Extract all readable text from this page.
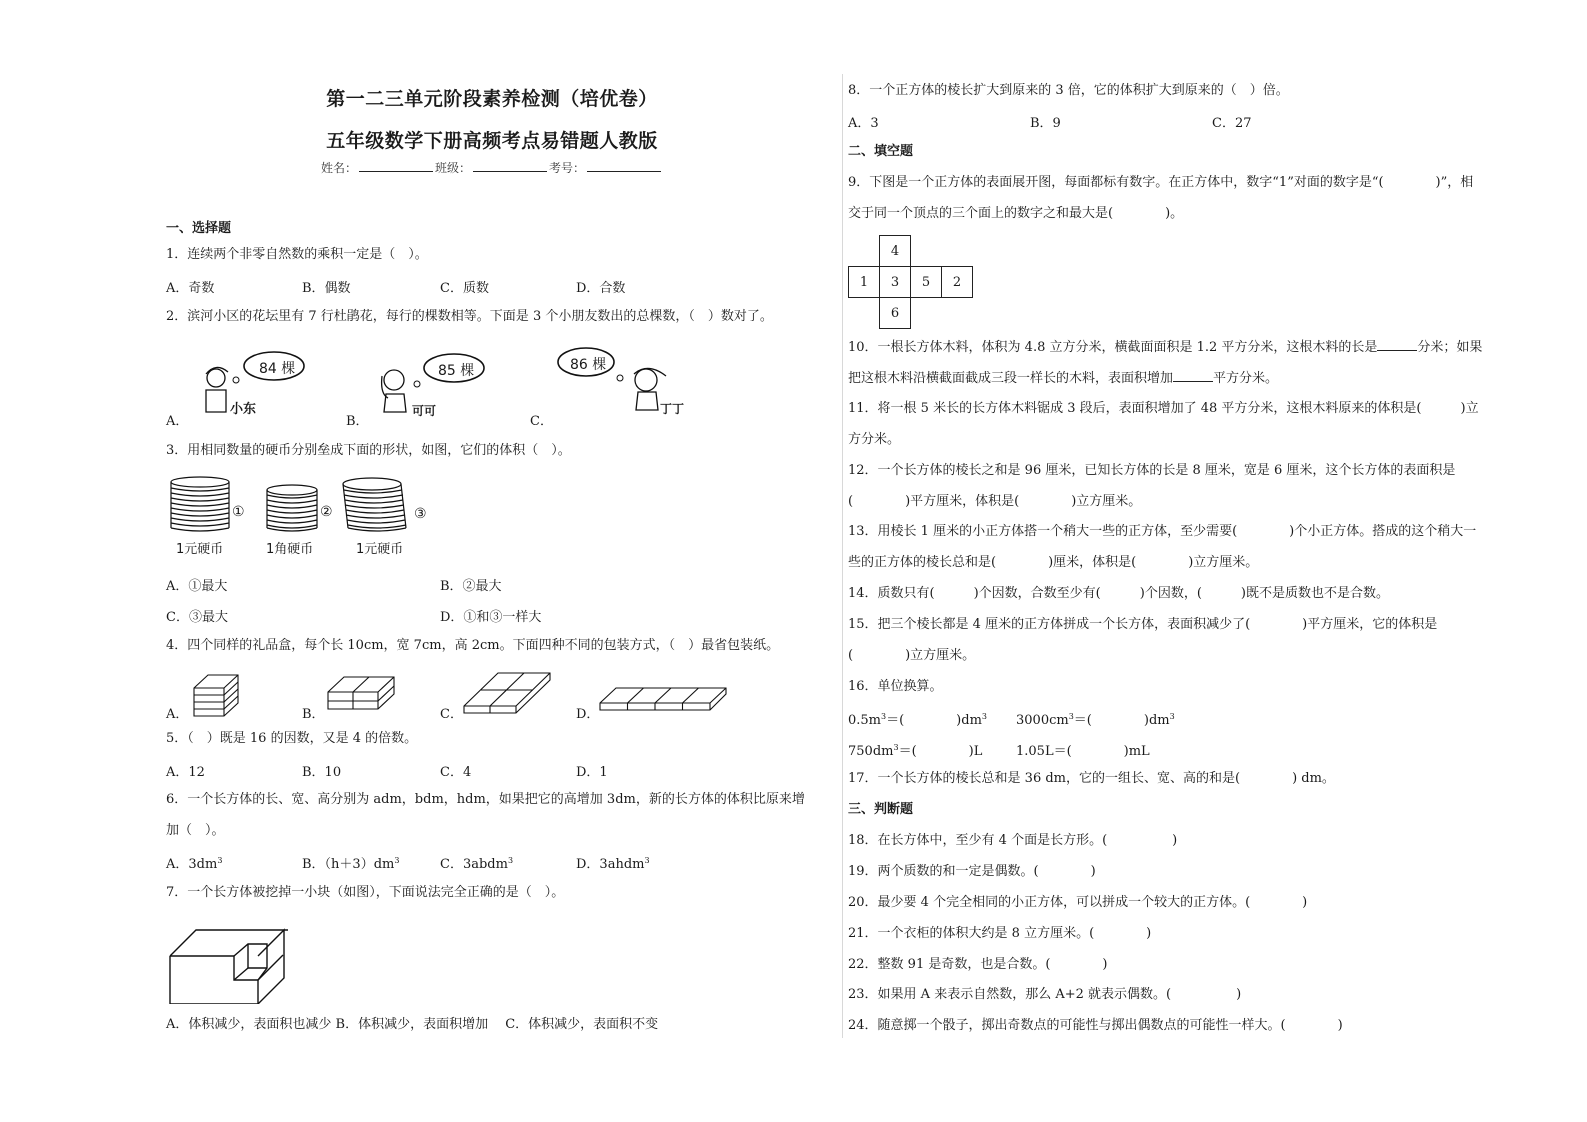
第一二三单元阶段素养检测（培优卷）
五年级数学下册高频考点易错题人教版
姓名：	班级：	考号：
一、选择题
1．连续两个非零自然数的乘积一定是（　）。
A．奇数	B．偶数	C．质数	D．合数
2．滨河小区的花坛里有 7 行杜鹃花，每行的棵数相等。下面是 3 个小朋友数出的总棵数，（　）数对了。
A．	B．	C．
84 棵
小东
85 棵
可可
86 棵
丁丁
3．用相同数量的硬币分别垒成下面的形状，如图，它们的体积（　）。
①	②	③
1元硬币	1角硬币	1元硬币
A．①最大	B．②最大
C．③最大	D．①和③一样大
4．四个同样的礼品盒，每个长 10cm，宽 7cm，高 2cm。下面四种不同的包装方式，（　）最省包装纸。
A．	B．	C．	D．
5．（　）既是 16 的因数，又是 4 的倍数。
A．12	B．10	C．4	D．1
6．一个长方体的长、宽、高分别为 adm，bdm，hdm，如果把它的高增加 3dm，新的长方体的体积比原来增
加（　）。
A．$3dm^3$	B．$(h+3)dm^3$	C．3abdm$^3$	D．3ahdm$^3$
7．一个长方体被挖掉一小块（如图），下面说法完全正确的是（　）。
A．体积减少，表面积也减少 B．体积减少，表面积增加　 C．体积减少，表面积不变
8．一个正方体的棱长扩大到原来的 3 倍，它的体积扩大到原来的（　）倍。
A．3	B．9	C．27
二、填空题
9．下图是一个正方体的表面展开图，每面都标有数字。在正方体中，数字“1”对面的数字是“(　　　　)”，相
交于同一个顶点的三个面上的数字之和最大是(　　　　)。
	4		
1	3	5	2
	6		
10．一根长方体木料，体积为 4.8 立方分米，横截面面积是 1.2 平方分米，这根木料的长是	分米；如果
把这根木料沿横截面截成三段一样长的木料，表面积增加	平方分米。
11．将一根 5 米长的长方体木料锯成 3 段后，表面积增加了 48 平方分米，这根木料原来的体积是(　　　)立
方分米。
12．一个长方体的棱长之和是 96 厘米，已知长方体的长是 8 厘米，宽是 6 厘米，这个长方体的表面积是
(　　　　)平方厘米，体积是(　　　　)立方厘米。
13．用棱长 1 厘米的小正方体搭一个稍大一些的正方体，至少需要(　　　　)个小正方体。搭成的这个稍大一
些的正方体的棱长总和是(　　　　)厘米，体积是(　　　　)立方厘米。
14．质数只有(　　　)个因数，合数至少有(　　　)个因数，(　　　)既不是质数也不是合数。
15．把三个棱长都是 4 厘米的正方体拼成一个长方体，表面积减少了(　　　　)平方厘米，它的体积是
(　　　　)立方厘米。
16．单位换算。
$0.5m^3=$(　　　　)$dm^3$ $3000cm^3=$(　　　　)$dm^3$
$750dm^3=$(　　　　)L	1.05L＝(　　　　)mL
17．一个长方体的棱长总和是 36 dm，它的一组长、宽、高的和是(　　　　) dm。
三、判断题
18．在长方体中，至少有 4 个面是长方形。(　　　　　)
19．两个质数的和一定是偶数。(　　　　)
20．最少要 4 个完全相同的小正方体，可以拼成一个较大的正方体。(　　　　)
21．一个衣柜的体积大约是 8 立方厘米。(　　　　)
22．整数 91 是奇数，也是合数。(　　　　)
23．如果用 A 来表示自然数，那么 A+2 就表示偶数。(　　　　　)
24．随意掷一个骰子，掷出奇数点的可能性与掷出偶数点的可能性一样大。(　　　　)
